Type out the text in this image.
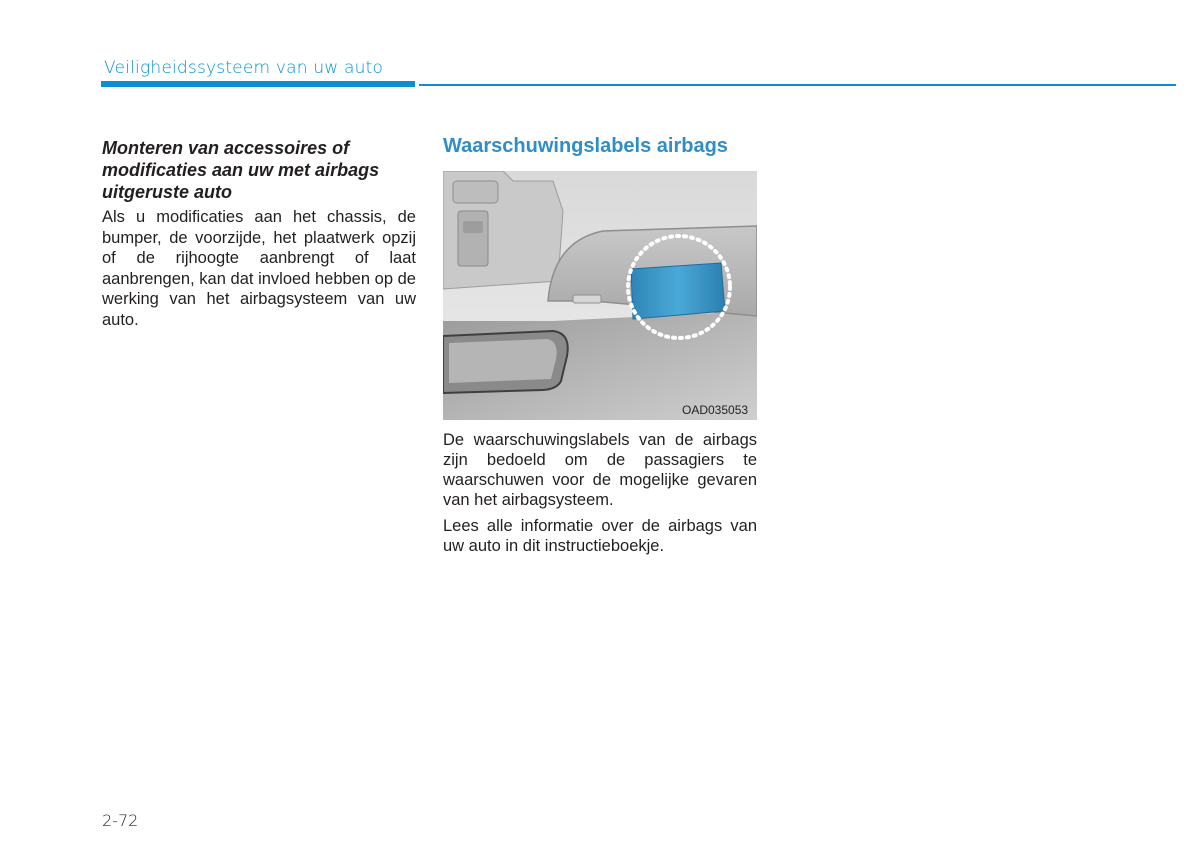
Veiligheidssysteem van uw auto
Monteren van accessoires of modificaties aan uw met airbags uitgeruste auto
Als u modificaties aan het chassis, de bumper, de voorzijde, het plaatwerk opzij of de rijhoogte aanbrengt of laat aanbrengen, kan dat invloed hebben op de werking van het airbagsysteem van uw auto.
Waarschuwingslabels airbags
OAD035053

De waarschuwingslabels van de airbags zijn bedoeld om de passagiers te waarschuwen voor de mogelijke gevaren van het airbagsysteem.

Lees alle informatie over de airbags van uw auto in dit instructieboekje.

2-72
